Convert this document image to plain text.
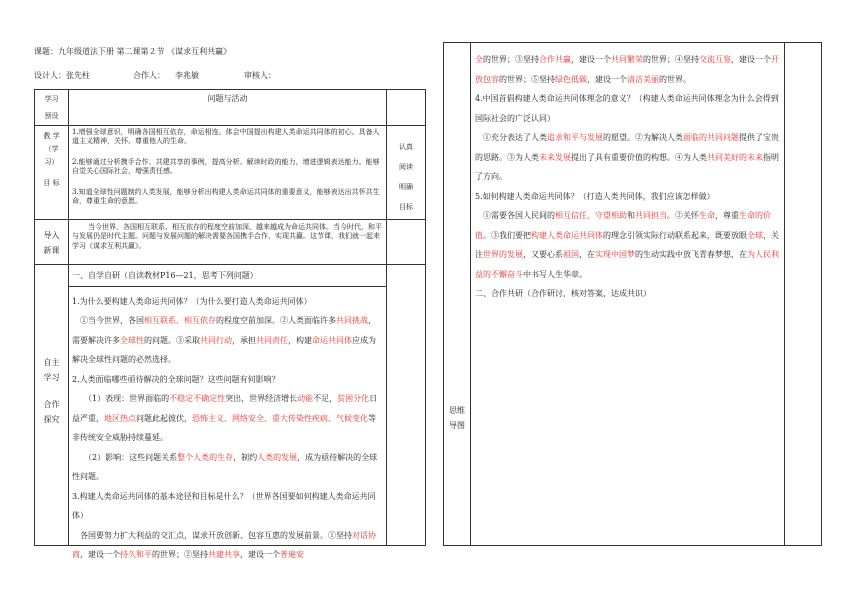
课题：九年级道法下册 第二课第２节 《谋求互利共赢》
设计人：张先柱	合作人： 李兆敏	审核人：
学习
预设
问题与活动
教 学
（学
习）
目 标

1.增强全球意识，明确各国相互依存，命运相连。体会中国提出构建人类命运共同体的初心。具备人道主义精神，关怀、尊重他人的生命。

2.能够通过分析携手合作、共建共享的事例，提高分析、解读时政的能力，增进逻辑表达能力。能够自觉关心国际社会，增强责任感。

3.知道全球性问题制约人类发展，能够分析出构建人类命运共同体的重要意义，能够表达出共怀共生命，尊重生命的意愿。

认真
阅读
明确
目标
导入
新课
当今世界，各国相互联系、相互依存的程度空前加深，越来越成为命运共同体。当今时代，和平与发展仍是时代主题。问题与发展问题的解决需要各国携手合作，实现共赢。这节课，我们就一起来学习《谋求互利共赢》。
自主
学习
合作
探究

一、自学自研（自读教材P16—21，思考下列问题）

1.为什么要构建人类命运共同体？（为什么要打造人类命运共同体）

①当今世界，各国相互联系、相互依存的程度空前加深。②人类面临许多共同挑战，需要解决许多全球性的问题。③采取共同行动，承担共同责任，构建命运共同体应成为解决全球性问题的必然选择。

2.人类面临哪些亟待解决的全球问题？这些问题有何影响？

（1）表现：世界面临的不稳定不确定性突出，世界经济增长动能不足，贫困分化日益严重，地区热点问题此起彼伏，恐怖主义、网络安全、重大传染性疾病、气候变化等非传统安全威胁持续蔓延。

（2）影响：这些问题关系整个人类的生存，制约人类的发展，成为亟待解决的全球性问题。

3.构建人类命运共同体的基本途径和目标是什么？（世界各国要如何构建人类命运共同体）

各国要努力扩大利益的交汇点，谋求开放创新、包容互惠的发展前景。①坚持对话协商，建设一个持久和平的世界；②坚持共建共享，建设一个普遍安

思维
导图

全的世界；③坚持合作共赢，建设一个共同繁荣的世界；④坚持交流互鉴，建设一个开放包容的世界；⑤坚持绿色低碳，建设一个清洁美丽的世界。

4.中国首倡构建人类命运共同体理念的意义？（构建人类命运共同体理念为什么会得到国际社会的广泛认同）

①充分表达了人类追求和平与发展的愿望。②为解决人类面临的共同问题提供了宝贵的思路。③为人类未来发展提出了具有重要价值的构想。④为人类共同美好的未来指明了方向。

5.如何构建人类命运共同体？（打造人类共同体，我们应该怎样做）

①需要各国人民间的相互信任、守望相助和共同担当。②关怀生命，尊重生命的价值。③我们要把构建人类命运共同体的理念引领实际行动联系起来，既要放眼全球，关注世界的发展，又要心系祖国，在实现中国梦的生动实践中放飞青春梦想，在为人民利益的不懈奋斗中书写人生华章。

二、合作共研（合作研讨，核对答案，达成共识）
